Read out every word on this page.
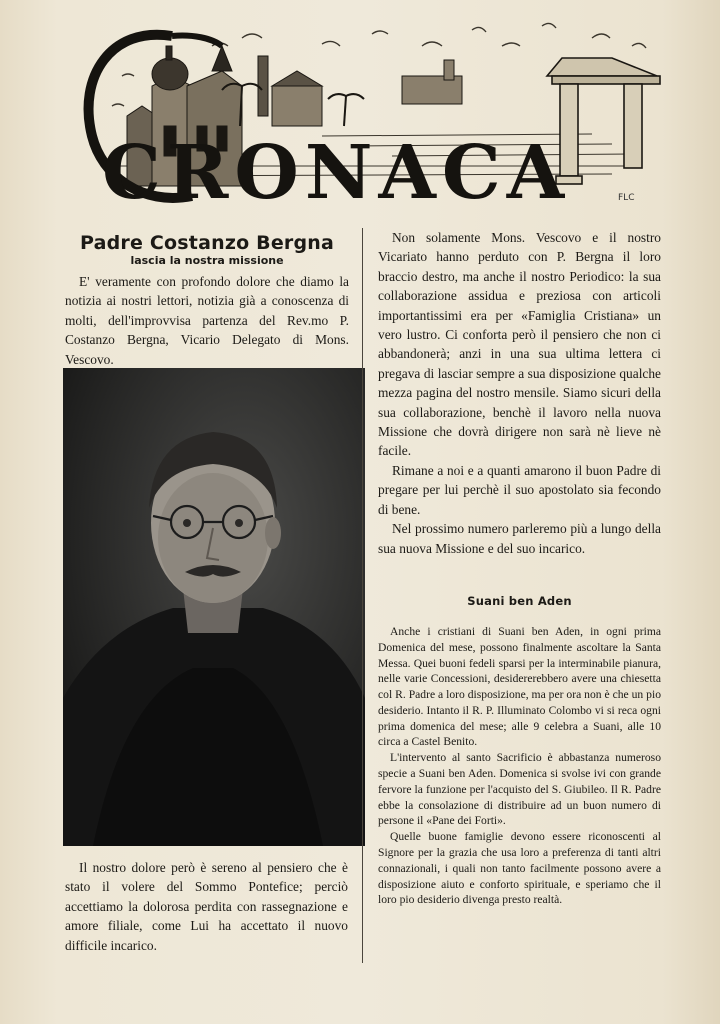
CRONACA	FLC
Padre Costanzo Bergna
lascia la nostra missione

E' veramente con profondo dolore che diamo la notizia ai nostri lettori, notizia già a conoscenza di molti, dell'improvvisa partenza del Rev.mo P. Costanzo Bergna, Vicario Delegato di Mons. Vescovo.

Il nostro dolore però è sereno al pensiero che è stato il volere del Sommo Pontefice; perciò accettiamo la dolorosa perdita con rassegnazione e amore filiale, come Lui ha accettato il nuovo difficile incarico.

Non solamente Mons. Vescovo e il nostro Vicariato hanno perduto con P. Bergna il loro braccio destro, ma anche il nostro Periodico: la sua collaborazione assidua e preziosa con articoli importantissimi era per «Famiglia Cristiana» un vero lustro. Ci conforta però il pensiero che non ci abbandonerà; anzi in una sua ultima lettera ci pregava di lasciar sempre a sua disposizione qualche mezza pagina del nostro mensile. Siamo sicuri della sua collaborazione, benchè il lavoro nella nuova Missione che dovrà dirigere non sarà nè lieve nè facile.

Rimane a noi e a quanti amarono il buon Padre di pregare per lui perchè il suo apostolato sia fecondo di bene.

Nel prossimo numero parleremo più a lungo della sua nuova Missione e del suo incarico.

Suani ben Aden

Anche i cristiani di Suani ben Aden, in ogni prima Domenica del mese, possono finalmente ascoltare la Santa Messa. Quei buoni fedeli sparsi per la interminabile pianura, nelle varie Concessioni, desidererebbero avere una chiesetta col R. Padre a loro disposizione, ma per ora non è che un pio desiderio. Intanto il R. P. Illuminato Colombo vi si reca ogni prima domenica del mese; alle 9 celebra a Suani, alle 10 circa a Castel Benito.

L'intervento al santo Sacrificio è abbastanza numeroso specie a Suani ben Aden. Domenica si svolse ivi con grande fervore la funzione per l'acquisto del S. Giubileo. Il R. Padre ebbe la consolazione di distribuire ad un buon numero di persone il «Pane dei Forti».

Quelle buone famiglie devono essere riconoscenti al Signore per la grazia che usa loro a preferenza di tanti altri connazionali, i quali non tanto facilmente possono avere a disposizione aiuto e conforto spirituale, e speriamo che il loro pio desiderio divenga presto realtà.
